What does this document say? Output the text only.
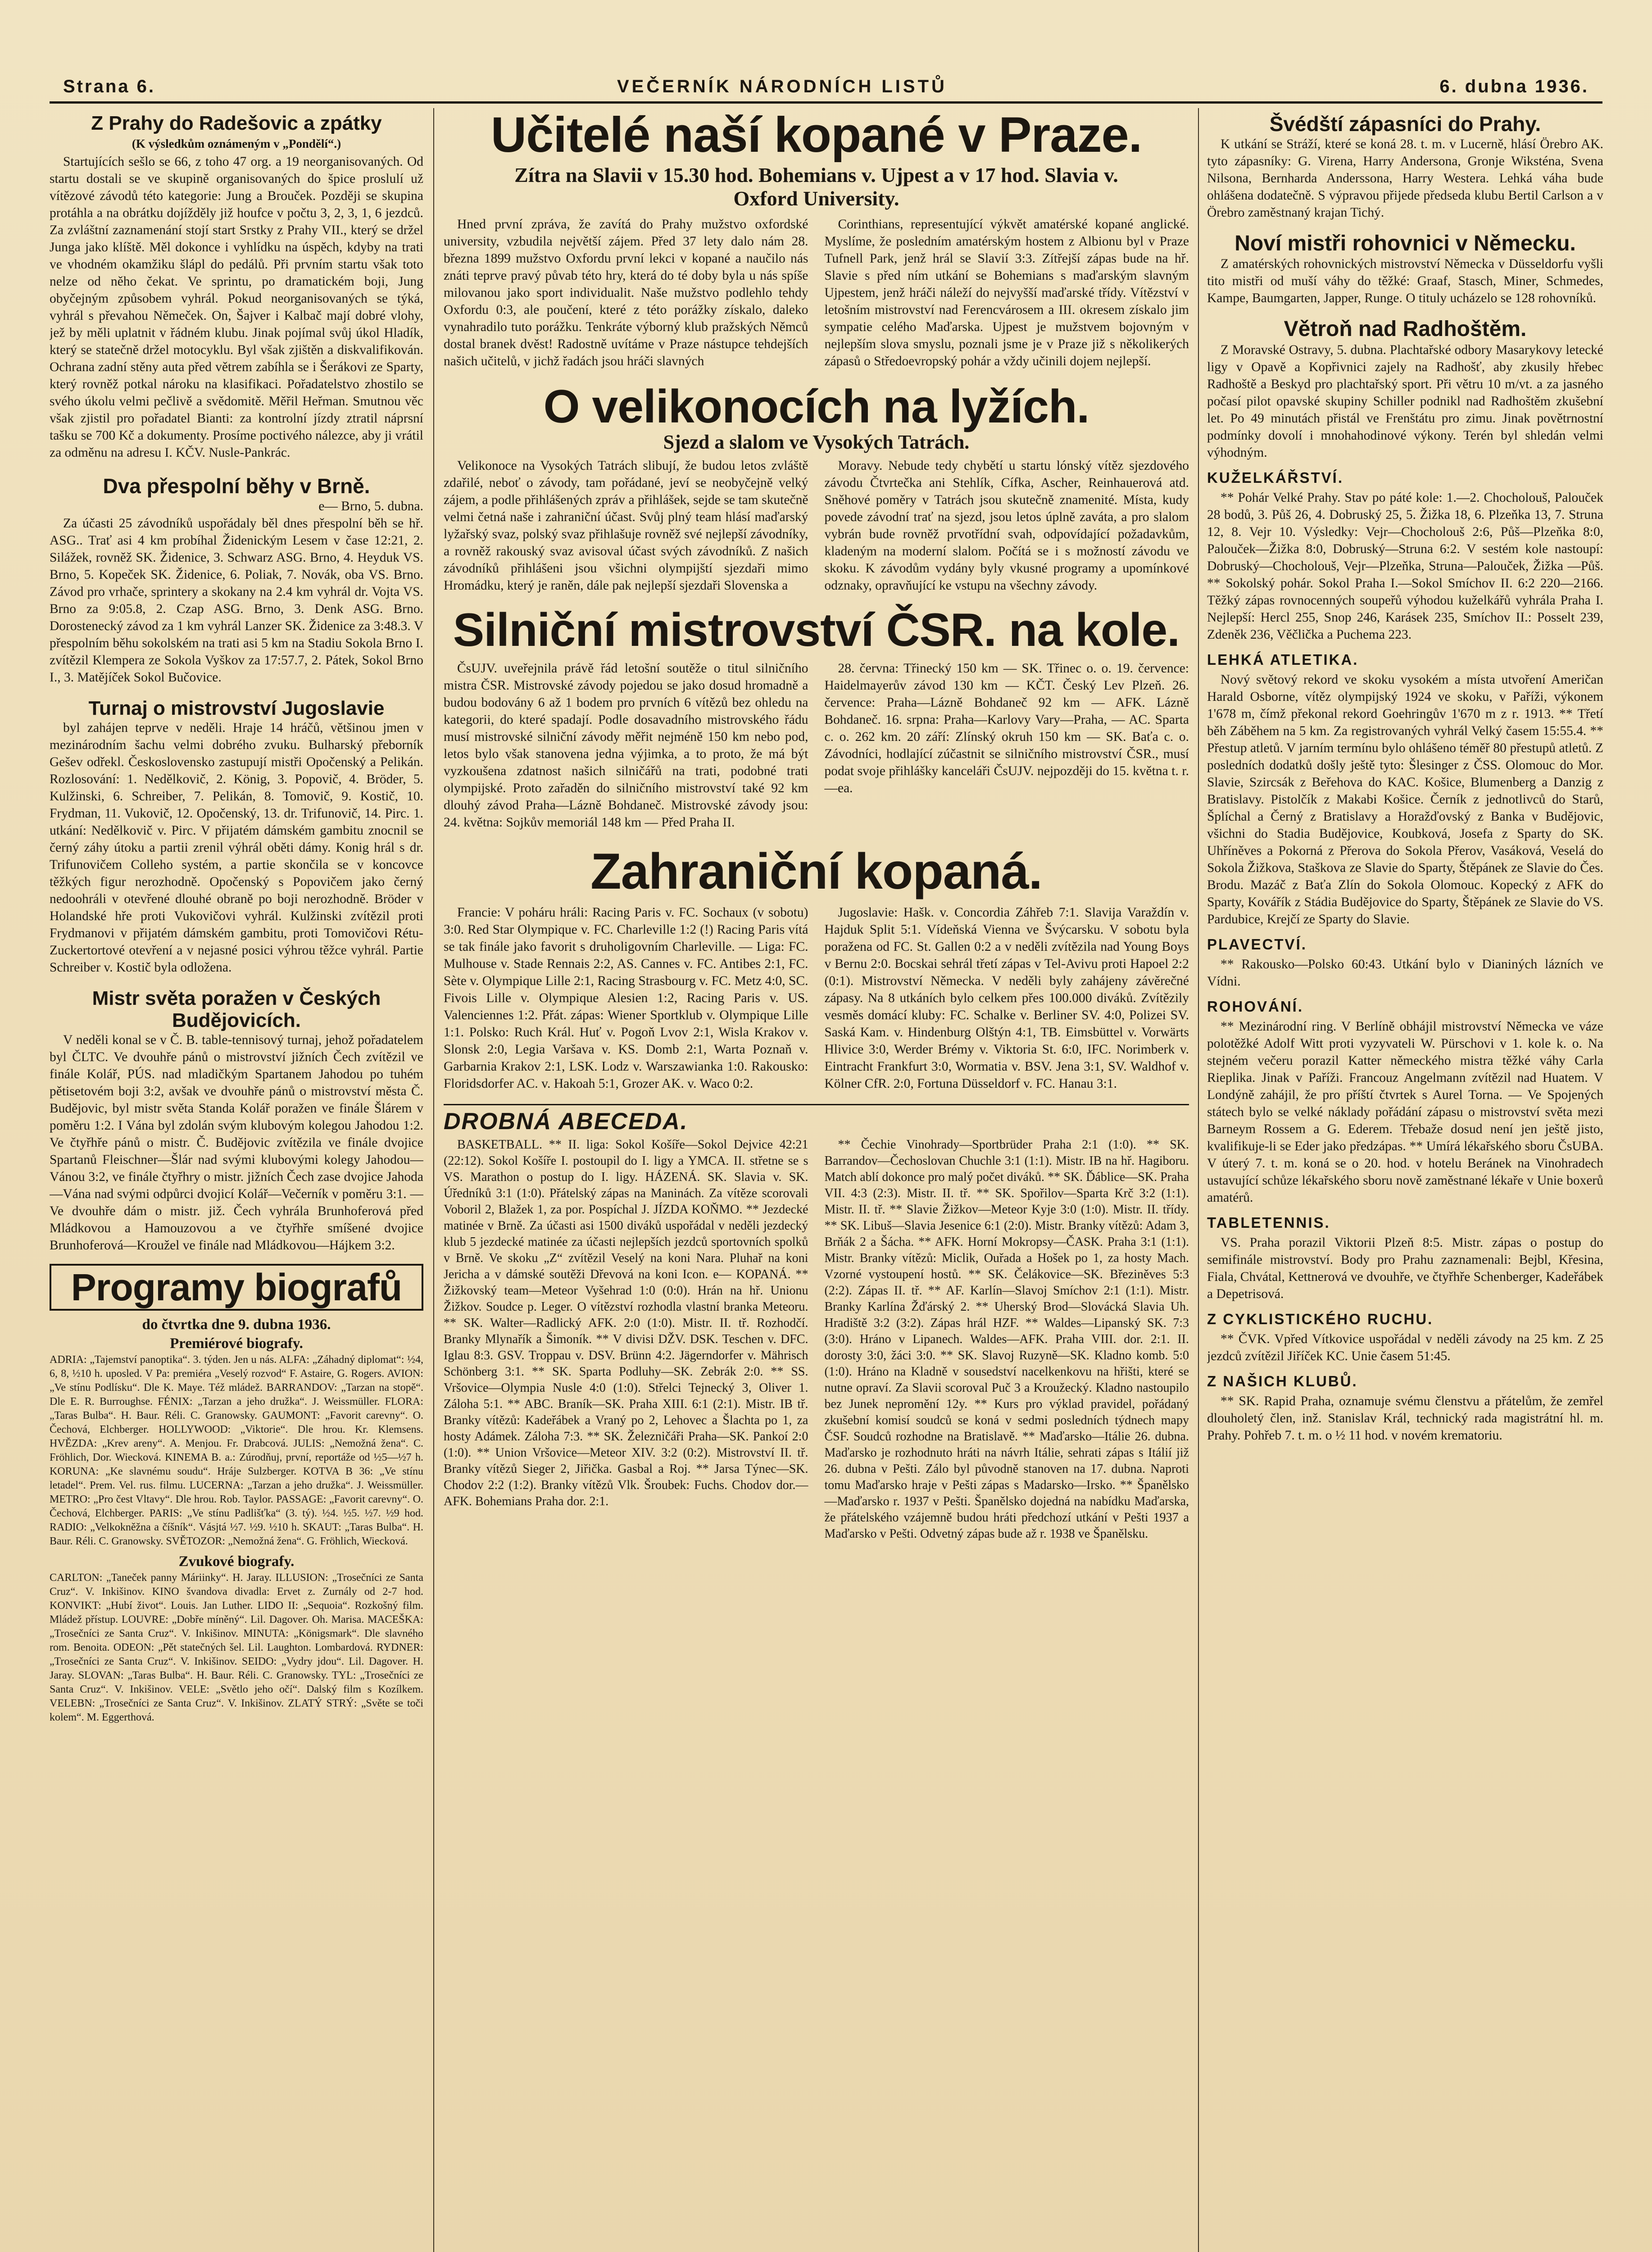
Strana 6.	VEČERNÍK NÁRODNÍCH LISTŮ	6. dubna 1936.
Z Prahy do Radešovic a zpátky

(K výsledkům oznámeným v „Pondělí“.)

Startujících sešlo se 66, z toho 47 org. a 19 neorganisovaných. Od startu dostali se ve skupině organisovaných do špice proslulí už vítězové závodů této kategorie: Jung a Brouček. Později se skupina protáhla a na obrátku dojížděly již houfce v počtu 3, 2, 3, 1, 6 jezdců. Za zvláštní zaznamenání stojí start Srstky z Prahy VII., který se držel Junga jako klíště. Měl dokonce i vyhlídku na úspěch, kdyby na trati ve vhodném okamžiku šlápl do pedálů. Při prvním startu však toto nelze od něho čekat. Ve sprintu, po dramatickém boji, Jung obyčejným způsobem vyhrál. Pokud neorganisovaných se týká, vyhrál s převahou Němeček. On, Šajver i Kalbač mají dobré vlohy, jež by měli uplatnit v řádném klubu. Jinak pojímal svůj úkol Hladík, který se statečně držel motocyklu. Byl však zjištěn a diskvalifikován. Ochrana zadní stěny auta před větrem zabíhla se i Šerákovi ze Sparty, který rovněž potkal nároku na klasifikaci. Pořadatelstvo zhostilo se svého úkolu velmi pečlivě a svědomitě. Měřil Heřman. Smutnou věc však zjistil pro pořadatel Bianti: za kontrolní jízdy ztratil náprsní tašku se 700 Kč a dokumenty. Prosíme poctivého nálezce, aby ji vrátil za odměnu na adresu I. KČV. Nusle-Pankrác.

Dva přespolní běhy v Brně.

e— Brno, 5. dubna.

Za účasti 25 závodníků uspořádaly běl dnes přespolní běh se hř. ASG.. Trať asi 4 km probíhal Židenickým Lesem v čase 12:21, 2. Silážek, rovněž SK. Židenice, 3. Schwarz ASG. Brno, 4. Heyduk VS. Brno, 5. Kopeček SK. Židenice, 6. Poliak, 7. Novák, oba VS. Brno. Závod pro vrhače, sprintery a skokany na 2.4 km vyhrál dr. Vojta VS. Brno za 9:05.8, 2. Czap ASG. Brno, 3. Denk ASG. Brno. Dorostenecký závod za 1 km vyhrál Lanzer SK. Židenice za 3:48.3. V přespolním běhu sokolském na trati asi 5 km na Stadiu Sokola Brno I. zvítězil Klempera ze Sokola Vyškov za 17:57.7, 2. Pátek, Sokol Brno I., 3. Matějíček Sokol Bučovice.

Turnaj o mistrovství Jugoslavie

byl zahájen teprve v neděli. Hraje 14 hráčů, většinou jmen v mezinárodním šachu velmi dobrého zvuku. Bulharský přeborník Gešev odřekl. Československo zastupují mistři Opočenský a Pelikán. Rozlosování: 1. Nedělkovič, 2. König, 3. Popovič, 4. Bröder, 5. Kulžinski, 6. Schreiber, 7. Pelikán, 8. Tomovič, 9. Kostič, 10. Frydman, 11. Vukovič, 12. Opočenský, 13. dr. Trifunovič, 14. Pirc. 1. utkání: Nedělkovič v. Pirc. V přijatém dámském gambitu znocnil se černý záhy útoku a partii zrenil výhrál oběti dámy. Konig hrál s dr. Trifunovičem Colleho systém, a partie skončila se v koncovce těžkých figur nerozhodně. Opočenský s Popovičem jako černý nedoohráli v otevřené dlouhé obraně po boji nerozhodně. Bröder v Holandské hře proti Vukovičovi vyhrál. Kulžinski zvítězil proti Frydmanovi v přijatém dámském gambitu, proti Tomovičovi Rétu-Zuckertortové otevření a v nejasné posici výhrou těžce vyhrál. Partie Schreiber v. Kostič byla odložena.

Mistr světa poražen v Českých Budějovicích.

V neděli konal se v Č. B. table-tennisový turnaj, jehož pořadatelem byl ČLTC. Ve dvouhře pánů o mistrovství jižních Čech zvítězil ve finále Kolář, PÚS. nad mladičkým Spartanem Jahodou po tuhém pětisetovém boji 3:2, avšak ve dvouhře pánů o mistrovství města Č. Budějovic, byl mistr světa Standa Kolář poražen ve finále Šlárem v poměru 1:2. I Vána byl zdolán svým klubovým kolegou Jahodou 1:2. Ve čtyřhře pánů o mistr. Č. Budějovic zvítězila ve finále dvojice Spartanů Fleischner—Šlár nad svými klubovými kolegy Jahodou—Vánou 3:2, ve finále čtyřhry o mistr. jižních Čech zase dvojice Jahoda—Vána nad svými odpůrci dvojicí Kolář—Večerník v poměru 3:1. — Ve dvouhře dám o mistr. již. Čech vyhrála Brunhoferová před Mládkovou a Hamouzovou a ve čtyřhře smíšené dvojice Brunhoferová—Kroužel ve finále nad Mládkovou—Hájkem 3:2.

Programy biografů

do čtvrtka dne 9. dubna 1936.

Premiérové biografy.

ADRIA: „Tajemství panoptika“. 3. týden. Jen u nás. ALFA: „Záhadný diplomat“: ½4, 6, 8, ½10 h. uposled. V Pa: premiéra „Veselý rozvod“ F. Astaire, G. Rogers. AVION: „Ve stínu Podlísku“. Dle K. Maye. Též mládež. BARRANDOV: „Tarzan na stopě“. Dle E. R. Burroughse. FÉNIX: „Tarzan a jeho družka“. J. Weissmüller. FLORA: „Taras Bulba“. H. Baur. Réli. C. Granowsky. GAUMONT: „Favorit carevny“. O. Čechová, Elchberger. HOLLYWOOD: „Viktorie“. Dle hrou. Kr. Klemsens. HVĚZDA: „Krev areny“. A. Menjou. Fr. Drabcová. JULIS: „Nemožná žena“. C. Fröhlich, Dor. Wiecková. KINEMA B. a.: Zúrodňuj, první, reportáže od ½5—½7 h. KORUNA: „Ke slavnému soudu“. Hráje Sulzberger. KOTVA B 36: „Ve stínu letadel“. Prem. Vel. rus. filmu. LUCERNA: „Tarzan a jeho družka“. J. Weissmüller. METRO: „Pro čest Vltavy“. Dle hrou. Rob. Taylor. PASSAGE: „Favorit carevny“. O. Čechová, Elchberger. PARIS: „Ve stínu Padlišťka“ (3. tý). ½4. ½5. ½7. ½9 hod. RADIO: „Velkokněžna a číšník“. Vásjtá ½7. ½9. ½10 h. SKAUT: „Taras Bulba“. H. Baur. Réli. C. Granowsky. SVĚTOZOR: „Nemožná žena“. G. Fröhlich, Wiecková.

Zvukové biografy.

CARLTON: „Taneček panny Máriinky“. H. Jaray. ILLUSION: „Trosečníci ze Santa Cruz“. V. Inkišinov. KINO švandova divadla: Ervet z. Zurnály od 2-7 hod. KONVIKT: „Hubí život“. Louis. Jan Luther. LIDO II: „Sequoia“. Rozkošný film. Mládež přístup. LOUVRE: „Dobře míněný“. Lil. Dagover. Oh. Marisa. MACEŠKA: „Trosečníci ze Santa Cruz“. V. Inkišinov. MINUTA: „Königsmark“. Dle slavného rom. Benoita. ODEON: „Pět statečných šel. Lil. Laughton. Lombardová. RYDNER: „Trosečníci ze Santa Cruz“. V. Inkišinov. SEIDO: „Vydry jdou“. Lil. Dagover. H. Jaray. SLOVAN: „Taras Bulba“. H. Baur. Réli. C. Granowsky. TYL: „Trosečníci ze Santa Cruz“. V. Inkišinov. VELE: „Světlo jeho očí“. Dalský film s Kozílkem. VELEBN: „Trosečníci ze Santa Cruz“. V. Inkišinov. ZLATÝ STRÝ: „Světe se toči kolem“. M. Eggerthová.

Učitelé naší kopané v Praze.

Zítra na Slavii v 15.30 hod. Bohemians v. Ujpest a v 17 hod. Slavia v. Oxford University.

Hned první zpráva, že zavítá do Prahy mužstvo oxfordské university, vzbudila největší zájem. Před 37 lety dalo nám 28. března 1899 mužstvo Oxfordu první lekci v kopané a naučilo nás znáti teprve pravý půvab této hry, která do té doby byla u nás spíše milovanou jako sport individualit. Naše mužstvo podlehlo tehdy Oxfordu 0:3, ale poučení, které z této porážky získalo, daleko vynahradilo tuto porážku. Tenkráte výborný klub pražských Němců dostal branek dvěst! Radostně uvítáme v Praze nástupce tehdejších našich učitelů, v jichž řadách jsou hráči slavných

Corinthians, representující výkvět amatérské kopané anglické. Myslíme, že posledním amatérským hostem z Albionu byl v Praze Tufnell Park, jenž hrál se Slavií 3:3. Zítřejší zápas bude na hř. Slavie s před ním utkání se Bohemians s maďarským slavným Ujpestem, jenž hráči náleží do nejvyšší maďarské třídy. Vítězství v letošním mistrovství nad Ferencvárosem a III. okresem získalo jim sympatie celého Maďarska. Ujpest je mužstvem bojovným v nejlepším slova smyslu, poznali jsme je v Praze již s několikerých zápasů o Středoevropský pohár a vždy učinili dojem nejlepší.

O velikonocích na lyžích.

Sjezd a slalom ve Vysokých Tatrách.

Velikonoce na Vysokých Tatrách slibují, že budou letos zvláště zdařilé, neboť o závody, tam pořádané, jeví se neobyčejně velký zájem, a podle přihlášených zpráv a přihlášek, sejde se tam skutečně velmi četná naše i zahraniční účast. Svůj plný team hlásí maďarský lyžařský svaz, polský svaz přihlašuje rovněž své nejlepší závodníky, a rovněž rakouský svaz avisoval účast svých závodníků. Z našich závodníků přihlášeni jsou všichni olympijští sjezdaři mimo Hromádku, který je raněn, dále pak nejlepší sjezdaři Slovenska a

Moravy. Nebude tedy chybětí u startu lónský vítěz sjezdového závodu Čtvrtečka ani Stehlík, Cífka, Ascher, Reinhauerová atd. Sněhové poměry v Tatrách jsou skutečně znamenité. Místa, kudy povede závodní trať na sjezd, jsou letos úplně zaváta, a pro slalom vybrán bude rovněž prvotřídní svah, odpovídající požadavkům, kladeným na moderní slalom. Počítá se i s možností závodu ve skoku. K závodům vydány byly vkusné programy a upomínkové odznaky, opravňující ke vstupu na všechny závody.

Silniční mistrovství ČSR. na kole.

ČsUJV. uveřejnila právě řád letošní soutěže o titul silničního mistra ČSR. Mistrovské závody pojedou se jako dosud hromadně a budou bodovány 6 až 1 bodem pro prvních 6 vítězů bez ohledu na kategorii, do které spadají. Podle dosavadního mistrovského řádu musí mistrovské silniční závody měřit nejméně 150 km nebo pod, letos bylo však stanovena jedna výjimka, a to proto, že má být vyzkoušena zdatnost našich silničářů na trati, podobné trati olympijské. Proto zařaděn do silničního mistrovství také 92 km dlouhý závod Praha—Lázně Bohdaneč. Mistrovské závody jsou: 24. května: Sojkův memoriál 148 km — Před Praha II.

28. června: Třinecký 150 km — SK. Třinec o. o. 19. července: Haidelmayerův závod 130 km — KČT. Český Lev Plzeň. 26. července: Praha—Lázně Bohdaneč 92 km — AFK. Lázně Bohdaneč. 16. srpna: Praha—Karlovy Vary—Praha, — AC. Sparta c. o. 262 km. 20 září: Zlínský okruh 150 km — SK. Baťa c. o. Závodníci, hodlající zúčastnit se silničního mistrovství ČSR., musí podat svoje přihlášky kanceláři ČsUJV. nejpozději do 15. května t. r. —ea.

Zahraniční kopaná.

Francie: V poháru hráli: Racing Paris v. FC. Sochaux (v sobotu) 3:0. Red Star Olympique v. FC. Charleville 1:2 (!) Racing Paris vítá se tak finále jako favorit s druholigovním Charleville. — Liga: FC. Mulhouse v. Stade Rennais 2:2, AS. Cannes v. FC. Antibes 2:1, FC. Sète v. Olympique Lille 2:1, Racing Strasbourg v. FC. Metz 4:0, SC. Fivois Lille v. Olympique Alesien 1:2, Racing Paris v. US. Valenciennes 1:2. Přát. zápas: Wiener Sportklub v. Olympique Lille 1:1. Polsko: Ruch Král. Huť v. Pogoň Lvov 2:1, Wisla Krakov v. Slonsk 2:0, Legia Varšava v. KS. Domb 2:1, Warta Poznaň v. Garbarnia Krakov 2:1, LSK. Lodz v. Warszawianka 1:0. Rakousko: Floridsdorfer AC. v. Hakoah 5:1, Grozer AK. v. Waco 0:2.

Jugoslavie: Hašk. v. Concordia Záhřeb 7:1. Slavija Varaždín v. Hajduk Split 5:1. Vídeňská Vienna ve Švýcarsku. V sobotu byla poražena od FC. St. Gallen 0:2 a v neděli zvítězila nad Young Boys v Bernu 2:0. Bocskai sehrál třetí zápas v Tel-Avivu proti Hapoel 2:2 (0:1). Mistrovství Německa. V neděli byly zahájeny závěrečné zápasy. Na 8 utkáních bylo celkem přes 100.000 diváků. Zvítězily vesměs domácí kluby: FC. Schalke v. Berliner SV. 4:0, Polizei SV. Saská Kam. v. Hindenburg Olštýn 4:1, TB. Eimsbüttel v. Vorwärts Hlivice 3:0, Werder Brémy v. Viktoria St. 6:0, IFC. Norimberk v. Eintracht Frankfurt 3:0, Wormatia v. BSV. Jena 3:1, SV. Waldhof v. Kölner CfR. 2:0, Fortuna Düsseldorf v. FC. Hanau 3:1.

DROBNÁ ABECEDA.

BASKETBALL. ** II. liga: Sokol Košíře—Sokol Dejvice 42:21 (22:12). Sokol Košíře I. postoupil do I. ligy a YMCA. II. střetne se s VS. Marathon o postup do I. ligy. HÁZENÁ. SK. Slavia v. SK. Úředníků 3:1 (1:0). Přátelský zápas na Maninách. Za vítěze scorovali Voboril 2, Blažek 1, za por. Pospíchal J. JÍZDA KOŇMO. ** Jezdecké matinée v Brně. Za účasti asi 1500 diváků uspořádal v neděli jezdecký klub 5 jezdecké matinée za účasti nejlepších jezdců sportovních spolků v Brně. Ve skoku „Z“ zvítězil Veselý na koni Nara. Pluhař na koni Jericha a v dámské soutěži Dřevová na koni Icon. e— KOPANÁ. ** Žižkovský team—Meteor Vyšehrad 1:0 (0:0). Hrán na hř. Unionu Žižkov. Soudce p. Leger. O vítězství rozhodla vlastní branka Meteoru. ** SK. Walter—Radlický AFK. 2:0 (1:0). Mistr. II. tř. Rozhodčí. Branky Mlynařík a Šimoník. ** V divisi DŽV. DSK. Teschen v. DFC. Iglau 8:3. GSV. Troppau v. DSV. Brünn 4:2. Jägerndorfer v. Mährisch Schönberg 3:1. ** SK. Sparta Podluhy—SK. Zebrák 2:0. ** SS. Vršovice—Olympia Nusle 4:0 (1:0). Střelci Tejnecký 3, Oliver 1. Záloha 5:1. ** ABC. Braník—SK. Praha XIII. 6:1 (2:1). Mistr. IB tř. Branky vítězů: Kadeřábek a Vraný po 2, Lehovec a Šlachta po 1, za hosty Adámek. Záloha 7:3. ** SK. Železničáři Praha—SK. Pankoí 2:0 (1:0). ** Union Vršovice—Meteor XIV. 3:2 (0:2). Mistrovství II. tř. Branky vítězů Sieger 2, Jiřička. Gasbal a Roj. ** Jarsa Týnec—SK. Chodov 2:2 (1:2). Branky vítězů Vlk. Šroubek: Fuchs. Chodov dor.—AFK. Bohemians Praha dor. 2:1.

** Čechie Vinohrady—Sportbrüder Praha 2:1 (1:0). ** SK. Barrandov—Čechoslovan Chuchle 3:1 (1:1). Mistr. IB na hř. Hagiboru. Match ablí dokonce pro malý počet diváků. ** SK. Ďáblice—SK. Praha VII. 4:3 (2:3). Mistr. II. tř. ** SK. Spořilov—Sparta Krč 3:2 (1:1). Mistr. II. tř. ** Slavie Žižkov—Meteor Kyje 3:0 (1:0). Mistr. II. třídy. ** SK. Libuš—Slavia Jesenice 6:1 (2:0). Mistr. Branky vítězů: Adam 3, Brňák 2 a Šácha. ** AFK. Horní Mokropsy—ČASK. Praha 3:1 (1:1). Mistr. Branky vítězů: Miclik, Ouřada a Hošek po 1, za hosty Mach. Vzorné vystoupení hostů. ** SK. Čelákovice—SK. Březiněves 5:3 (2:2). Zápas II. tř. ** AF. Karlín—Slavoj Smíchov 2:1 (1:1). Mistr. Branky Karlína Žďárský 2. ** Uherský Brod—Slovácká Slavia Uh. Hradiště 3:2 (3:2). Zápas hrál HZF. ** Waldes—Lipanský SK. 7:3 (3:0). Hráno v Lipanech. Waldes—AFK. Praha VIII. dor. 2:1. II. dorosty 3:0, žáci 3:0. ** SK. Slavoj Ruzyně—SK. Kladno komb. 5:0 (1:0). Hráno na Kladně v sousedství nacelkenkovu na hřišti, které se nutne opraví. Za Slavii scoroval Puč 3 a Kroužecký. Kladno nastoupilo bez Junek nepromění 12y. ** Kurs pro výklad pravidel, pořádaný zkušební komisí soudců se koná v sedmi posledních týdnech mapy ČSF. Soudců rozhodne na Bratislavě. ** Maďarsko—Itálie 26. dubna. Maďarsko je rozhodnuto hráti na návrh Itálie, sehrati zápas s Itálií již 26. dubna v Pešti. Zálo byl původně stanoven na 17. dubna. Naproti tomu Maďarsko hraje v Pešti zápas s Madarsko—Irsko. ** Španělsko—Maďarsko r. 1937 v Pešti. Španělsko dojedná na nabídku Maďarska, že přátelského vzájemně budou hráti předchozí utkání v Pešti 1937 a Maďarsko v Pešti. Odvetný zápas bude až r. 1938 ve Španělsku.

Švédští zápasníci do Prahy.

K utkání se Stráží, které se koná 28. t. m. v Lucerně, hlásí Örebro AK. tyto zápasníky: G. Virena, Harry Andersona, Gronje Wiksténa, Svena Nilsona, Bernharda Anderssona, Harry Westera. Lehká váha bude ohlášena dodatečně. S výpravou přijede předseda klubu Bertil Carlson a v Örebro zaměstnaný krajan Tichý.

Noví mistři rohovnici v Německu.

Z amatérských rohovnických mistrovství Německa v Düsseldorfu vyšli tito mistři od muší váhy do těžké: Graaf, Stasch, Miner, Schmedes, Kampe, Baumgarten, Japper, Runge. O tituly ucházelo se 128 rohovníků.

Větroň nad Radhoštěm.

Z Moravské Ostravy, 5. dubna. Plachtařské odbory Masarykovy letecké ligy v Opavě a Kopřivnici zajely na Radhošť, aby zkusily hřebec Radhoště a Beskyd pro plachtařský sport. Při větru 10 m/vt. a za jasného počasí pilot opavské skupiny Schiller podnikl nad Radhoštěm zkušební let. Po 49 minutách přistál ve Frenštátu pro zimu. Jinak povětrnostní podmínky dovolí i mnohahodinové výkony. Terén byl shledán velmi výhodným.

KUŽELKÁŘSTVÍ.

** Pohár Velké Prahy. Stav po páté kole: 1.—2. Chocholouš, Palouček 28 bodů, 3. Půš 26, 4. Dobruský 25, 5. Žižka 18, 6. Plzeňka 13, 7. Struna 12, 8. Vejr 10. Výsledky: Vejr—Chocholouš 2:6, Půš—Plzeňka 8:0, Palouček—Žižka 8:0, Dobruský—Struna 6:2. V sestém kole nastoupí: Dobruský—Chocholouš, Vejr—Plzeňka, Struna—Palouček, Žižka —Půš. ** Sokolský pohár. Sokol Praha I.—Sokol Smíchov II. 6:2 220—2166. Těžký zápas rovnocenných soupeřů výhodou kuželkářů vyhrála Praha I. Nejlepší: Hercl 255, Snop 246, Karásek 235, Smíchov II.: Posselt 239, Zdeněk 236, Věčlička a Puchema 223.

LEHKÁ ATLETIKA.

Nový světový rekord ve skoku vysokém a místa utvoření Američan Harald Osborne, vítěz olympijský 1924 ve skoku, v Paříži, výkonem 1'678 m, čímž překonal rekord Goehringův 1'670 m z r. 1913. ** Třetí běh Záběhem na 5 km. Za registrovaných vyhrál Velký časem 15:55.4. ** Přestup atletů. V jarním termínu bylo ohlášeno téměř 80 přestupů atletů. Z posledních dodatků došly ještě tyto: Šlesinger z ČSS. Olomouc do Mor. Slavie, Szircsák z Beřehova do KAC. Košice, Blumenberg a Danzig z Bratislavy. Pistolčík z Makabi Košice. Černík z jednotlivců do Starů, Šplíchal a Černý z Bratislavy a Horažďovský z Banka v Budějovic, všichni do Stadia Budějovice, Koubková, Josefa z Sparty do SK. Uhříněves a Pokorná z Přerova do Sokola Přerov, Vasáková, Veselá do Sokola Žižkova, Staškova ze Slavie do Sparty, Štěpánek ze Slavie do Čes. Brodu. Mazáč z Baťa Zlín do Sokola Olomouc. Kopecký z AFK do Sparty, Kovářík z Stádia Budějovice do Sparty, Štěpánek ze Slavie do VS. Pardubice, Krejčí ze Sparty do Slavie.

PLAVECTVÍ.

** Rakousko—Polsko 60:43. Utkání bylo v Dianiných lázních ve Vídni.

ROHOVÁNÍ.

** Mezinárodní ring. V Berlíně obhájil mistrovství Německa ve váze polotěžké Adolf Witt proti vyzyvateli W. Pürschovi v 1. kole k. o. Na stejném večeru porazil Katter německého mistra těžké váhy Carla Rieplika. Jinak v Paříži. Francouz Angelmann zvítězil nad Huatem. V Londýně zahájil, že pro příští čtvrtek s Aurel Torna. — Ve Spojených státech bylo se velké náklady pořádání zápasu o mistrovství světa mezi Barneym Rossem a G. Ederem. Třebaže dosud není jen ještě jisto, kvalifikuje-li se Eder jako předzápas. ** Umírá lékařského sboru ČsUBA. V úterý 7. t. m. koná se o 20. hod. v hotelu Beránek na Vinohradech ustavující schůze lékařského sboru nově zaměstnané lékaře v Unie boxerů amatérů.

TABLETENNIS.

VS. Praha porazil Viktorii Plzeň 8:5. Mistr. zápas o postup do semifinále mistrovství. Body pro Prahu zaznamenali: Bejbl, Křesina, Fiala, Chvátal, Kettnerová ve dvouhře, ve čtyřhře Schenberger, Kadeřábek a Depetrisová.

Z CYKLISTICKÉHO RUCHU.

** ČVK. Vpřed Vítkovice uspořádal v neděli závody na 25 km. Z 25 jezdců zvítězil Jiříček KC. Unie časem 51:45.

Z NAŠICH KLUBŮ.

** SK. Rapid Praha, oznamuje svému členstvu a přátelům, že zemřel dlouholetý člen, inž. Stanislav Král, technický rada magistrátní hl. m. Prahy. Pohřeb 7. t. m. o ½ 11 hod. v novém krematoriu.
